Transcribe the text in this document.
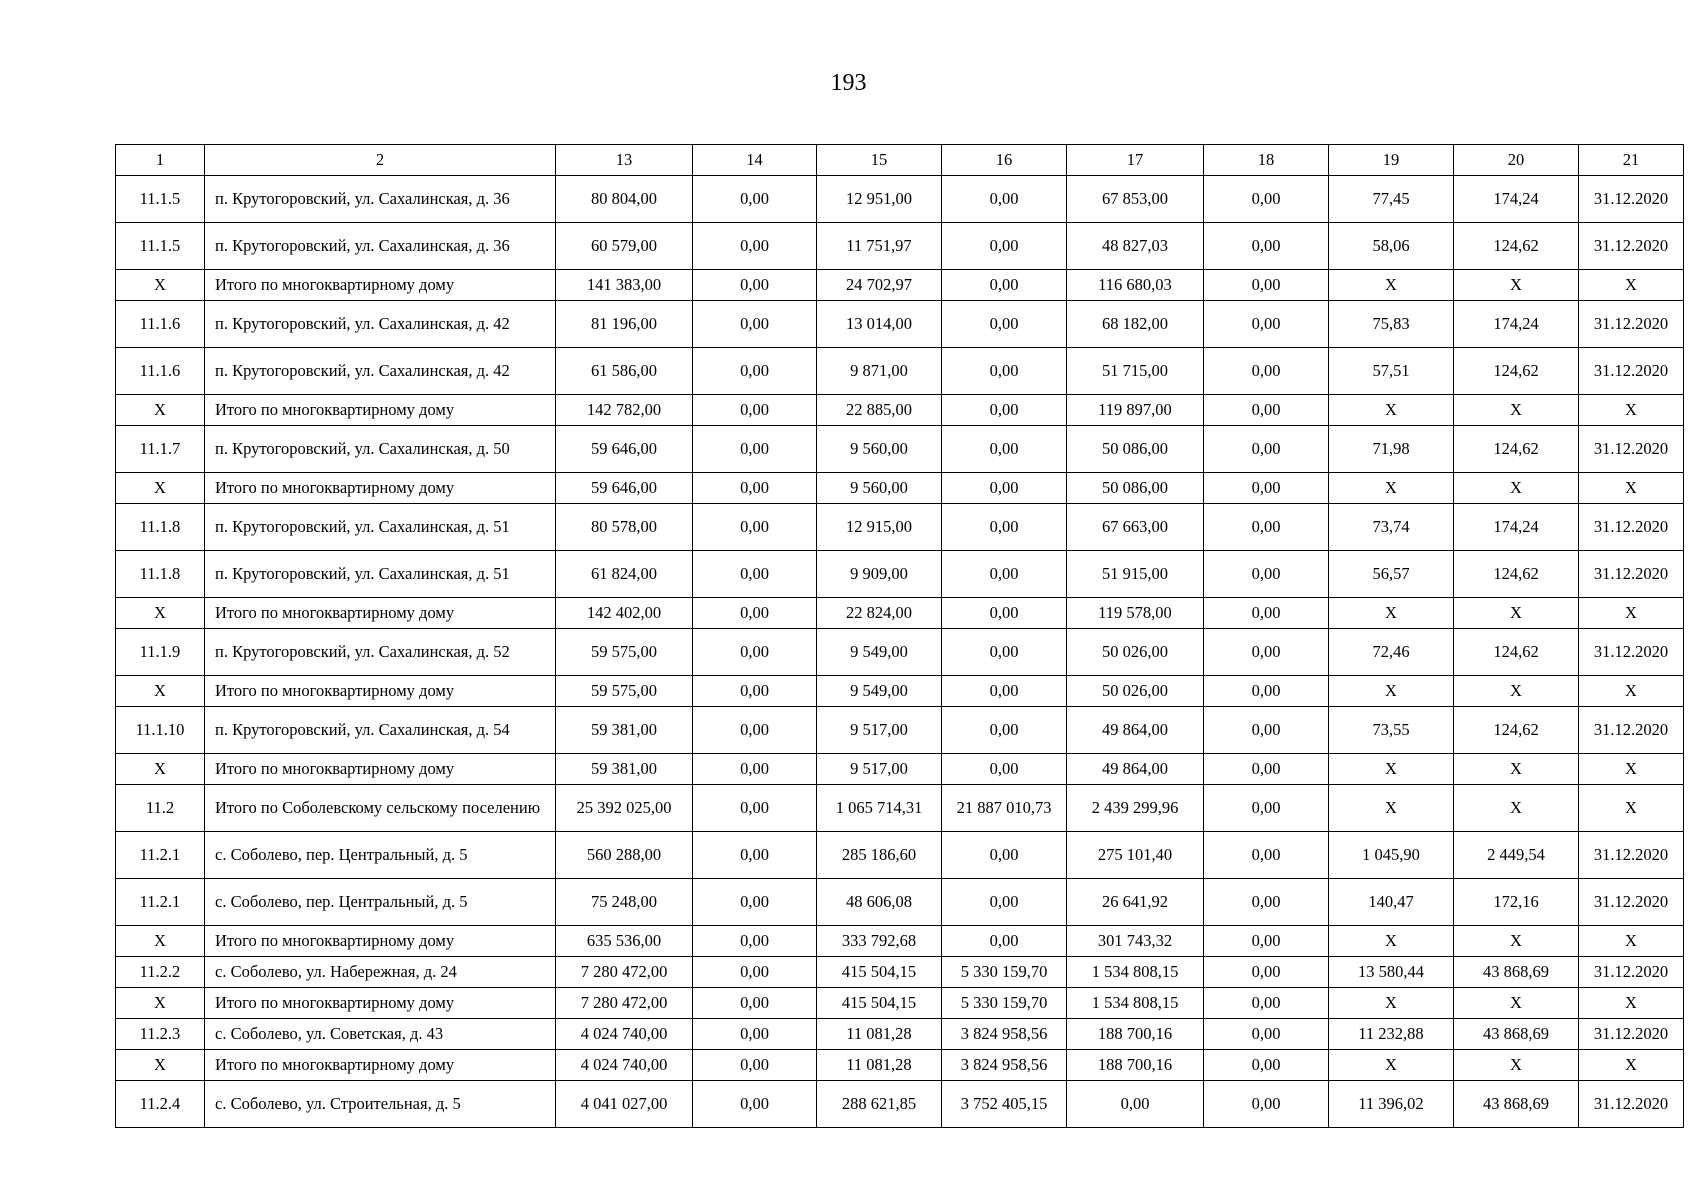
193
1	2	13	14	15	16	17	18	19	20	21
11.1.5	п. Крутогоровский, ул. Сахалинская, д. 36	80 804,00	0,00	12 951,00	0,00	67 853,00	0,00	77,45	174,24	31.12.2020
11.1.5	п. Крутогоровский, ул. Сахалинская, д. 36	60 579,00	0,00	11 751,97	0,00	48 827,03	0,00	58,06	124,62	31.12.2020
Х	Итого по многоквартирному дому	141 383,00	0,00	24 702,97	0,00	116 680,03	0,00	Х	Х	Х
11.1.6	п. Крутогоровский, ул. Сахалинская, д. 42	81 196,00	0,00	13 014,00	0,00	68 182,00	0,00	75,83	174,24	31.12.2020
11.1.6	п. Крутогоровский, ул. Сахалинская, д. 42	61 586,00	0,00	9 871,00	0,00	51 715,00	0,00	57,51	124,62	31.12.2020
Х	Итого по многоквартирному дому	142 782,00	0,00	22 885,00	0,00	119 897,00	0,00	Х	Х	Х
11.1.7	п. Крутогоровский, ул. Сахалинская, д. 50	59 646,00	0,00	9 560,00	0,00	50 086,00	0,00	71,98	124,62	31.12.2020
Х	Итого по многоквартирному дому	59 646,00	0,00	9 560,00	0,00	50 086,00	0,00	Х	Х	Х
11.1.8	п. Крутогоровский, ул. Сахалинская, д. 51	80 578,00	0,00	12 915,00	0,00	67 663,00	0,00	73,74	174,24	31.12.2020
11.1.8	п. Крутогоровский, ул. Сахалинская, д. 51	61 824,00	0,00	9 909,00	0,00	51 915,00	0,00	56,57	124,62	31.12.2020
Х	Итого по многоквартирному дому	142 402,00	0,00	22 824,00	0,00	119 578,00	0,00	Х	Х	Х
11.1.9	п. Крутогоровский, ул. Сахалинская, д. 52	59 575,00	0,00	9 549,00	0,00	50 026,00	0,00	72,46	124,62	31.12.2020
Х	Итого по многоквартирному дому	59 575,00	0,00	9 549,00	0,00	50 026,00	0,00	Х	Х	Х
11.1.10	п. Крутогоровский, ул. Сахалинская, д. 54	59 381,00	0,00	9 517,00	0,00	49 864,00	0,00	73,55	124,62	31.12.2020
Х	Итого по многоквартирному дому	59 381,00	0,00	9 517,00	0,00	49 864,00	0,00	Х	Х	Х
11.2	Итого по Соболевскому сельскому поселению	25 392 025,00	0,00	1 065 714,31	21 887 010,73	2 439 299,96	0,00	Х	Х	Х
11.2.1	с. Соболево, пер. Центральный, д. 5	560 288,00	0,00	285 186,60	0,00	275 101,40	0,00	1 045,90	2 449,54	31.12.2020
11.2.1	с. Соболево, пер. Центральный, д. 5	75 248,00	0,00	48 606,08	0,00	26 641,92	0,00	140,47	172,16	31.12.2020
Х	Итого по многоквартирному дому	635 536,00	0,00	333 792,68	0,00	301 743,32	0,00	Х	Х	Х
11.2.2	с. Соболево, ул. Набережная, д. 24	7 280 472,00	0,00	415 504,15	5 330 159,70	1 534 808,15	0,00	13 580,44	43 868,69	31.12.2020
Х	Итого по многоквартирному дому	7 280 472,00	0,00	415 504,15	5 330 159,70	1 534 808,15	0,00	Х	Х	Х
11.2.3	с. Соболево, ул. Советская, д. 43	4 024 740,00	0,00	11 081,28	3 824 958,56	188 700,16	0,00	11 232,88	43 868,69	31.12.2020
Х	Итого по многоквартирному дому	4 024 740,00	0,00	11 081,28	3 824 958,56	188 700,16	0,00	Х	Х	Х
11.2.4	с. Соболево, ул. Строительная, д. 5	4 041 027,00	0,00	288 621,85	3 752 405,15	0,00	0,00	11 396,02	43 868,69	31.12.2020
